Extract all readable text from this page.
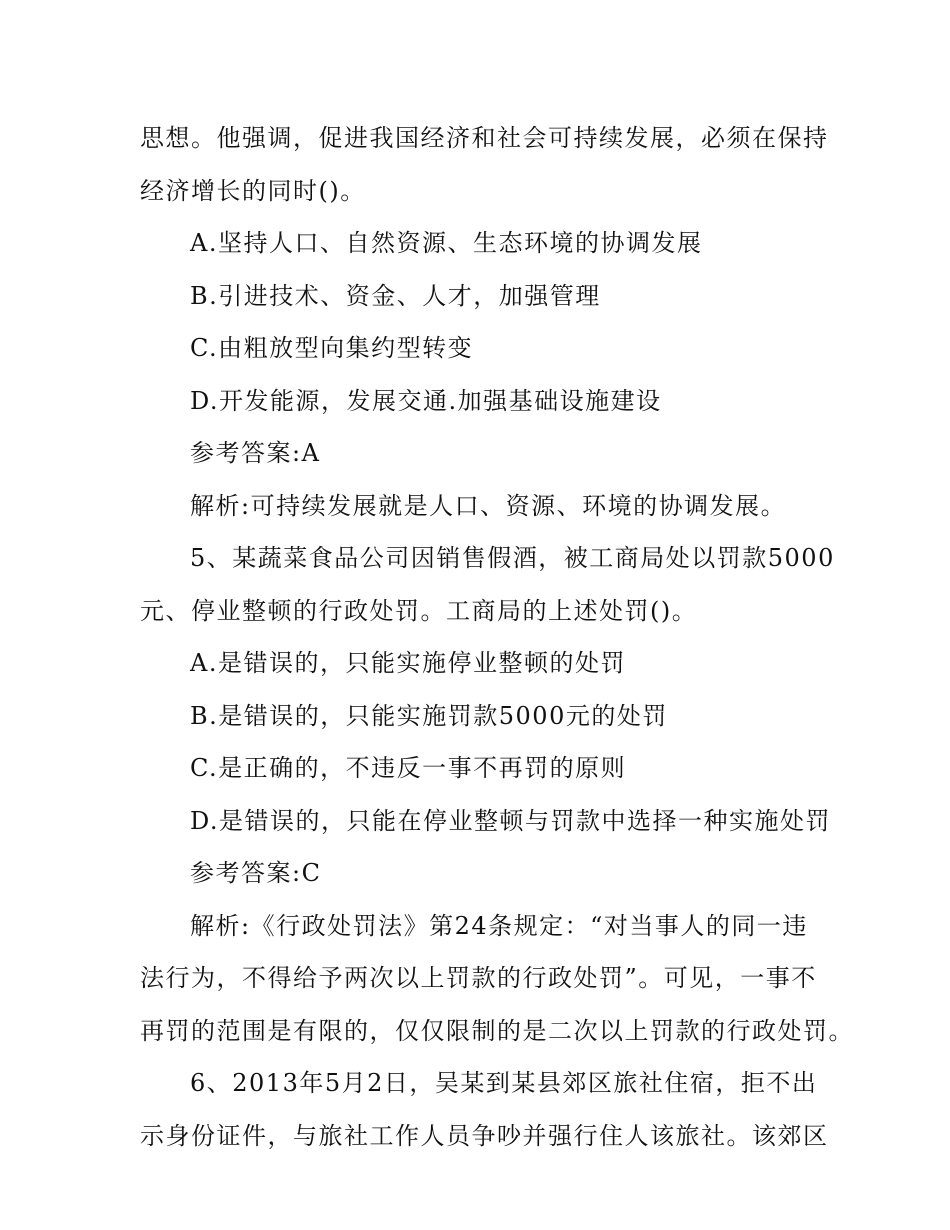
思想。他强调，促进我国经济和社会可持续发展，必须在保持
经济增长的同时()。
A.坚持人口、自然资源、生态环境的协调发展
B.引进技术、资金、人才，加强管理
C.由粗放型向集约型转变
D.开发能源，发展交通.加强基础设施建设
参考答案:A
解析:可持续发展就是人口、资源、环境的协调发展。
5、某蔬菜食品公司因销售假酒，被工商局处以罚款5000
元、停业整顿的行政处罚。工商局的上述处罚()。
A.是错误的，只能实施停业整顿的处罚
B.是错误的，只能实施罚款5000元的处罚
C.是正确的，不违反一事不再罚的原则
D.是错误的，只能在停业整顿与罚款中选择一种实施处罚
参考答案:C
解析:《行政处罚法》第24条规定：“对当事人的同一违
法行为，不得给予两次以上罚款的行政处罚”。可见，一事不
再罚的范围是有限的，仅仅限制的是二次以上罚款的行政处罚。
6、2013年5月2日，吴某到某县郊区旅社住宿，拒不出
示身份证件，与旅社工作人员争吵并强行住人该旅社。该郊区
